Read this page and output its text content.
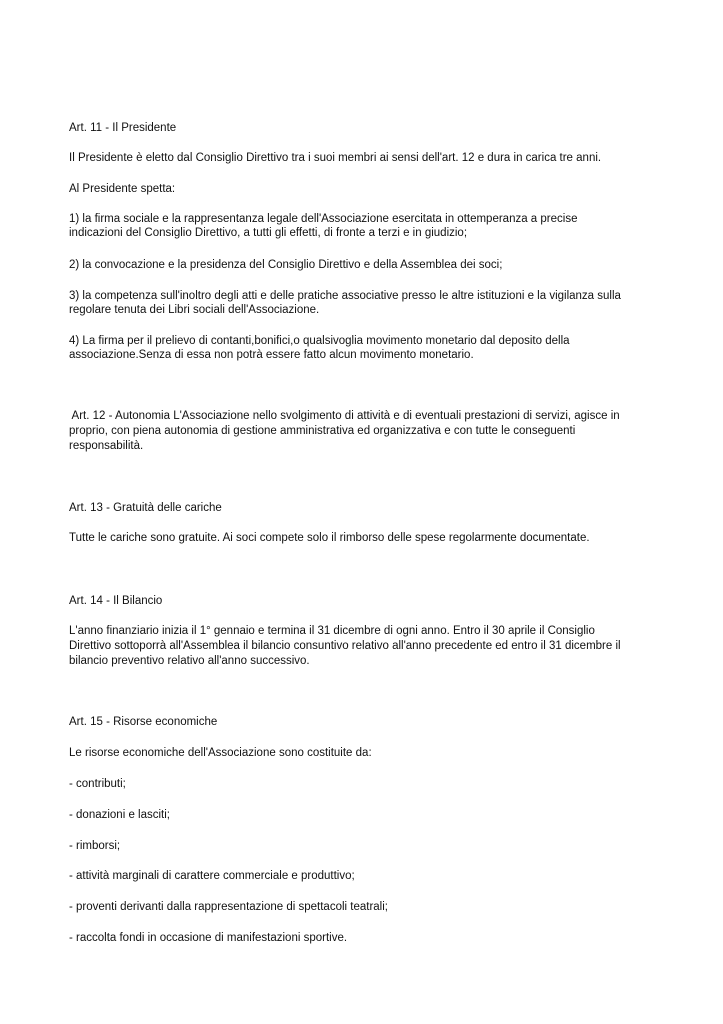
Art. 11 - Il Presidente

Il Presidente è eletto dal Consiglio Direttivo tra i suoi membri ai sensi dell'art. 12 e dura in carica tre anni.

Al Presidente spetta:

1) la firma sociale e la rappresentanza legale dell'Associazione esercitata in ottemperanza a precise

indicazioni del Consiglio Direttivo, a tutti gli effetti, di fronte a terzi e in giudizio;

2) la convocazione e la presidenza del Consiglio Direttivo e della Assemblea dei soci;

3) la competenza sull'inoltro degli atti e delle pratiche associative presso le altre istituzioni e la vigilanza sulla

regolare tenuta dei Libri sociali dell'Associazione.

4) La firma per il prelievo di contanti,bonifici,o qualsivoglia movimento monetario dal deposito della

associazione.Senza di essa non potrà essere fatto alcun movimento monetario.

Art. 12 - Autonomia L'Associazione nello svolgimento di attività e di eventuali prestazioni di servizi, agisce in

proprio, con piena autonomia di gestione amministrativa ed organizzativa e con tutte le conseguenti

responsabilità.

Art. 13 - Gratuità delle cariche

Tutte le cariche sono gratuite. Ai soci compete solo il rimborso delle spese regolarmente documentate.

Art. 14 - Il Bilancio

L'anno finanziario inizia il 1° gennaio e termina il 31 dicembre di ogni anno. Entro il 30 aprile il Consiglio

Direttivo sottoporrà all'Assemblea il bilancio consuntivo relativo all'anno precedente ed entro il 31 dicembre il

bilancio preventivo relativo all'anno successivo.

Art. 15 - Risorse economiche

Le risorse economiche dell'Associazione sono costituite da:

- contributi;

- donazioni e lasciti;

- rimborsi;

- attività marginali di carattere commerciale e produttivo;

- proventi derivanti dalla rappresentazione di spettacoli teatrali;

- raccolta fondi in occasione di manifestazioni sportive.
